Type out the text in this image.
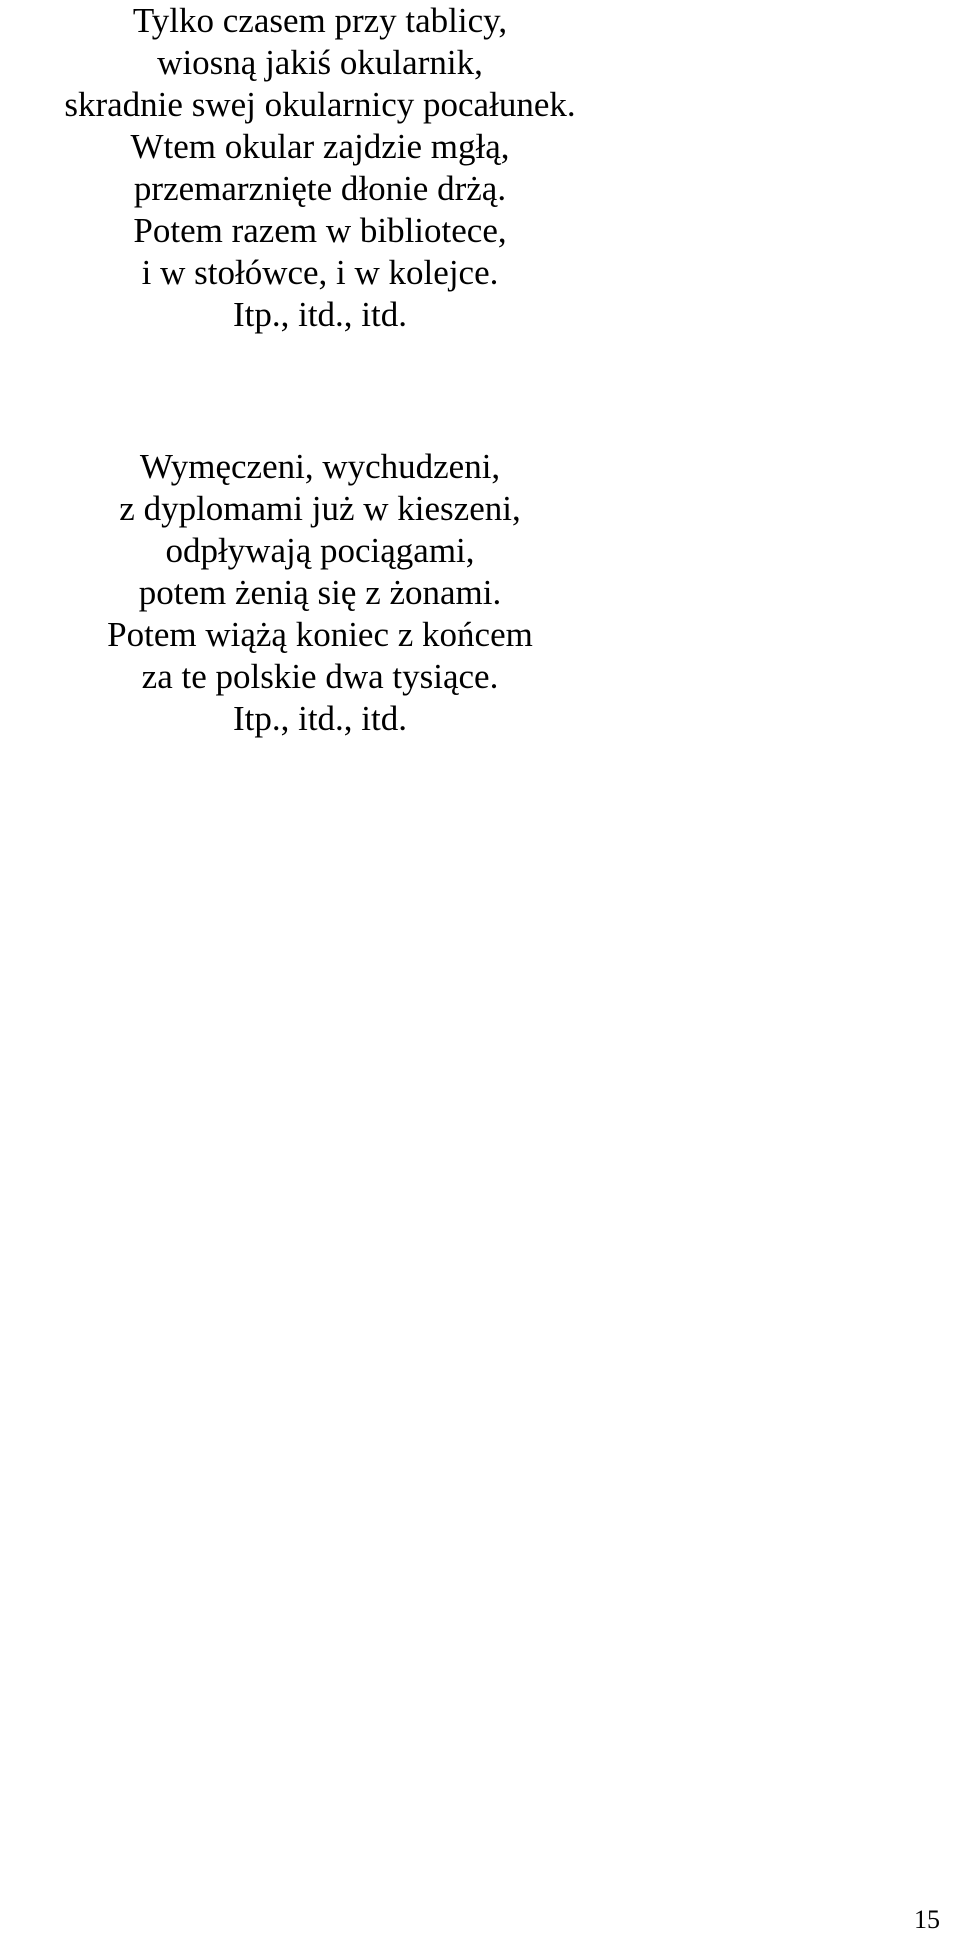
Tylko czasem przy tablicy,
wiosną jakiś okularnik,
skradnie swej okularnicy pocałunek.
Wtem okular zajdzie mgłą,
przemarznięte dłonie drżą.
Potem razem w bibliotece,
i w stołówce, i w kolejce.
Itp., itd., itd.
Wymęczeni, wychudzeni,
z dyplomami już w kieszeni,
odpływają pociągami,
potem żenią się z żonami.
Potem wiążą koniec z końcem
za te polskie dwa tysiące.
Itp., itd., itd.
15
